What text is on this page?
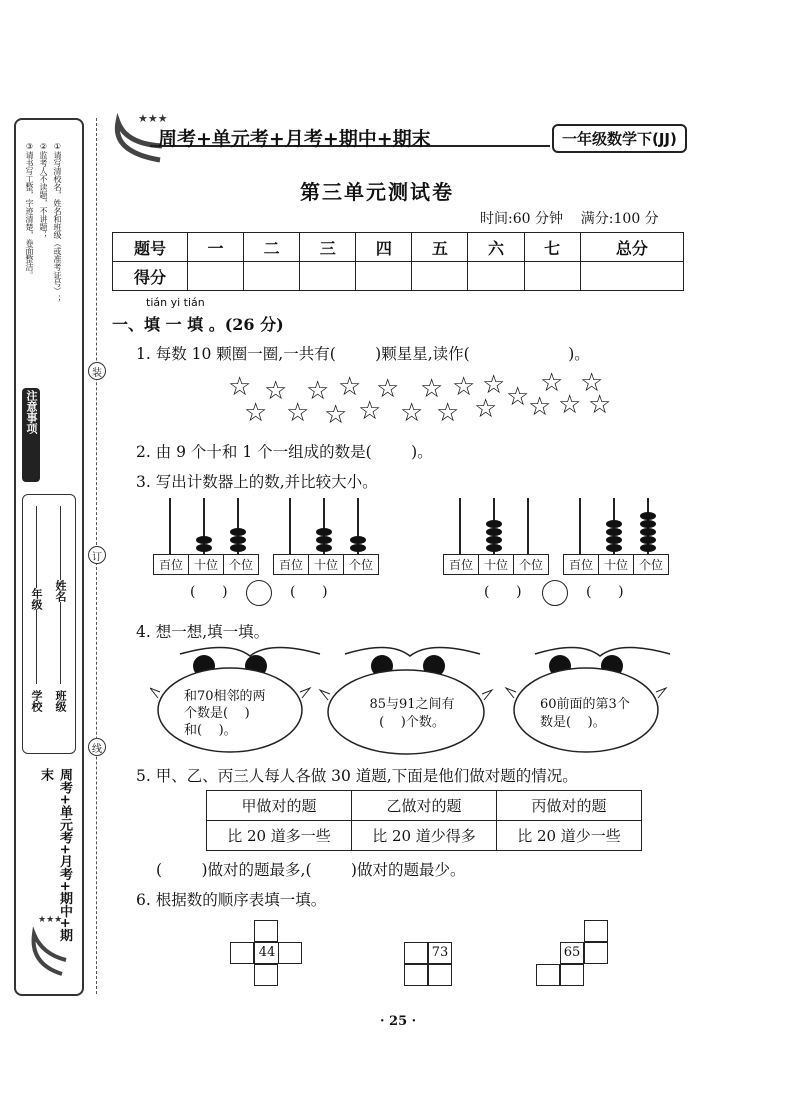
①请写清校名，姓名和班级（或准考证号）；
②监考人不读题，不讲题；
③请书写工整，字迹清楚，卷面整洁。
注意事项
学校 班级
年级 姓名
周考+单元考+月考+期中+期末
★★★
装
订
线
★★★
周考+单元考+月考+期中+期末	一年级数学下(JJ)
第三单元测试卷
时间:60 分钟    满分:100 分
题号	一	二	三	四	五	六	七	总分
得分								
tián yi tián
一、填 一 填 。(26 分)
1. 每数 10 颗圈一圈,一共有(        )颗星星,读作(                    )。
☆
☆
☆
☆
☆
☆
☆
☆
☆
☆
☆
☆
☆
☆
☆ ☆
☆
☆
☆
☆
☆
2. 由 9 个十和 1 个一组成的数是(        )。
3. 写出计数器上的数,并比较大小。
百位 十位 个位	百位 十位 个位	百位 十位 个位	百位 十位 个位
(      )	(      )	(      )	(      )
4. 想一想,填一填。
和70相邻的两
个数是(    )
和(    )。
85与91之间有
(    )个数。
60前面的第3个
数是(    )。
5. 甲、乙、丙三人每人各做 30 道题,下面是他们做对题的情况。
甲做对的题	乙做对的题	丙做对的题
比 20 道多一些	比 20 道少得多	比 20 道少一些
(        )做对的题最多,(        )做对的题最少。
6. 根据数的顺序表填一填。
44	73	65
· 25 ·
